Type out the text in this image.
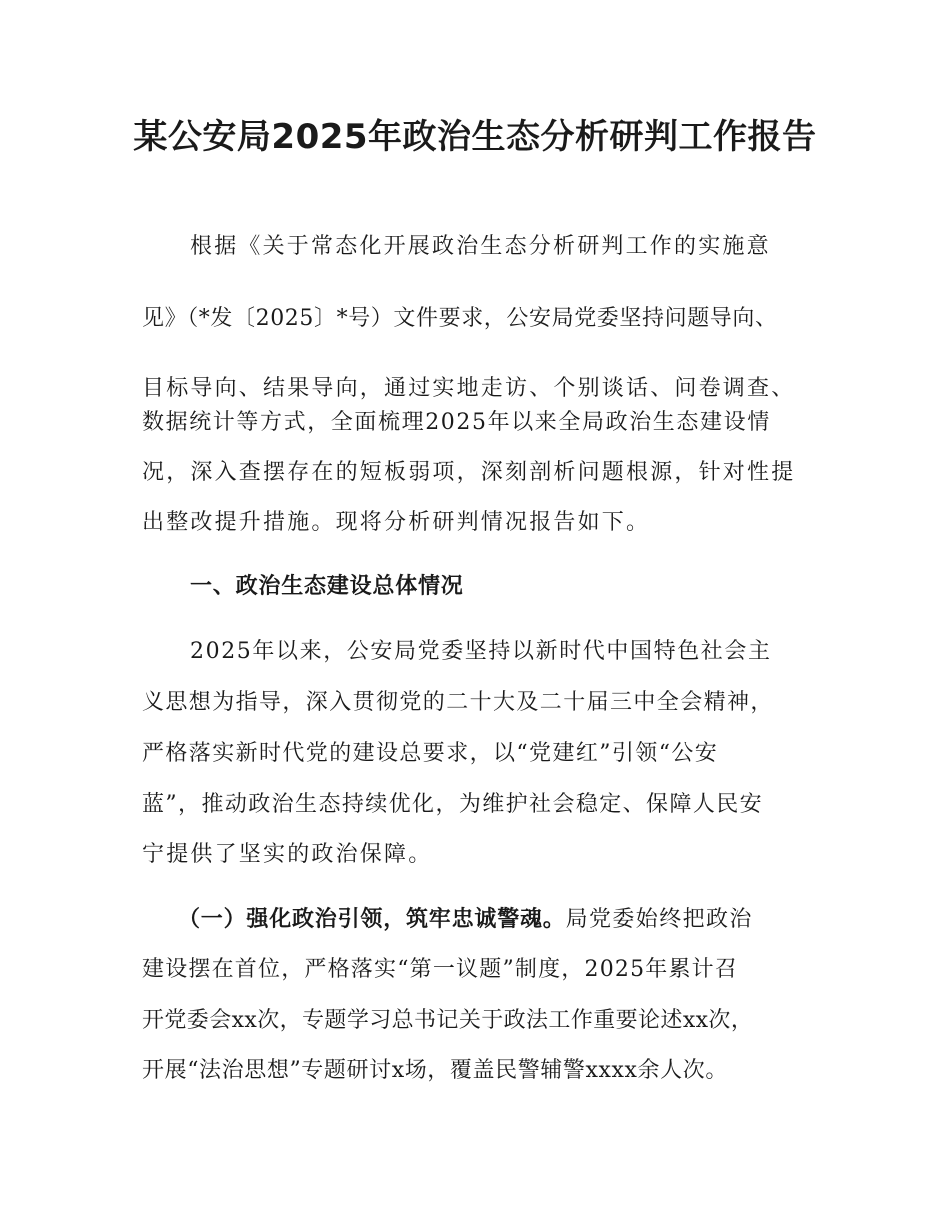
某公安局2025年政治生态分析研判工作报告
根据《关于常态化开展政治生态分析研判工作的实施意
见》（*发〔2025〕*号）文件要求，公安局党委坚持问题导向、
目标导向、结果导向，通过实地走访、个别谈话、问卷调查、
数据统计等方式，全面梳理2025年以来全局政治生态建设情
况，深入查摆存在的短板弱项，深刻剖析问题根源，针对性提
出整改提升措施。现将分析研判情况报告如下。
一、政治生态建设总体情况
2025年以来，公安局党委坚持以新时代中国特色社会主
义思想为指导，深入贯彻党的二十大及二十届三中全会精神，
严格落实新时代党的建设总要求，以“党建红”引领“公安
蓝”，推动政治生态持续优化，为维护社会稳定、保障人民安
宁提供了坚实的政治保障。
（一）强化政治引领，筑牢忠诚警魂。局党委始终把政治
建设摆在首位，严格落实“第一议题”制度，2025年累计召
开党委会xx次，专题学习总书记关于政法工作重要论述xx次，
开展“法治思想”专题研讨x场，覆盖民警辅警xxxx余人次。
